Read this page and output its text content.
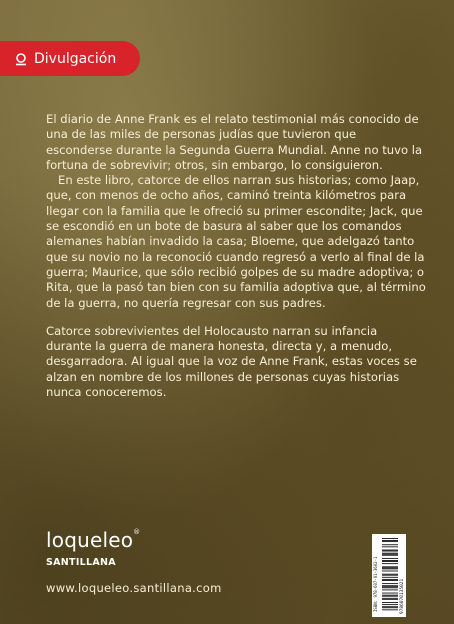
Divulgación

El diario de Anne Frank es el relato testimonial más conocido de una de las miles de personas judías que tuvieron que esconderse durante la Segunda Guerra Mundial. Anne no tuvo la fortuna de sobrevivir; otros, sin embargo, lo consiguieron.

En este libro, catorce de ellos narran sus historias; como Jaap, que, con menos de ocho años, caminó treinta kilómetros para llegar con la familia que le ofreció su primer escondite; Jack, que se escondió en un bote de basura al saber que los comandos alemanes habían invadido la casa; Bloeme, que adelgazó tanto que su novio no la reconoció cuando regresó a verlo al final de la guerra; Maurice, que sólo recibió golpes de su madre adoptiva; o Rita, que la pasó tan bien con su familia adoptiva que, al término de la guerra, no quería regresar con sus padres.

Catorce sobrevivientes del Holocausto narran su infancia durante la guerra de manera honesta, directa y, a menudo, desgarradora. Al igual que la voz de Anne Frank, estas voces se alzan en nombre de los millones de personas cuyas historias nunca conoceremos.

loqueleo®
SANTILLANA
www.loqueleo.santillana.com	ISBN: 978-607-01-3602-1	9786070135021
